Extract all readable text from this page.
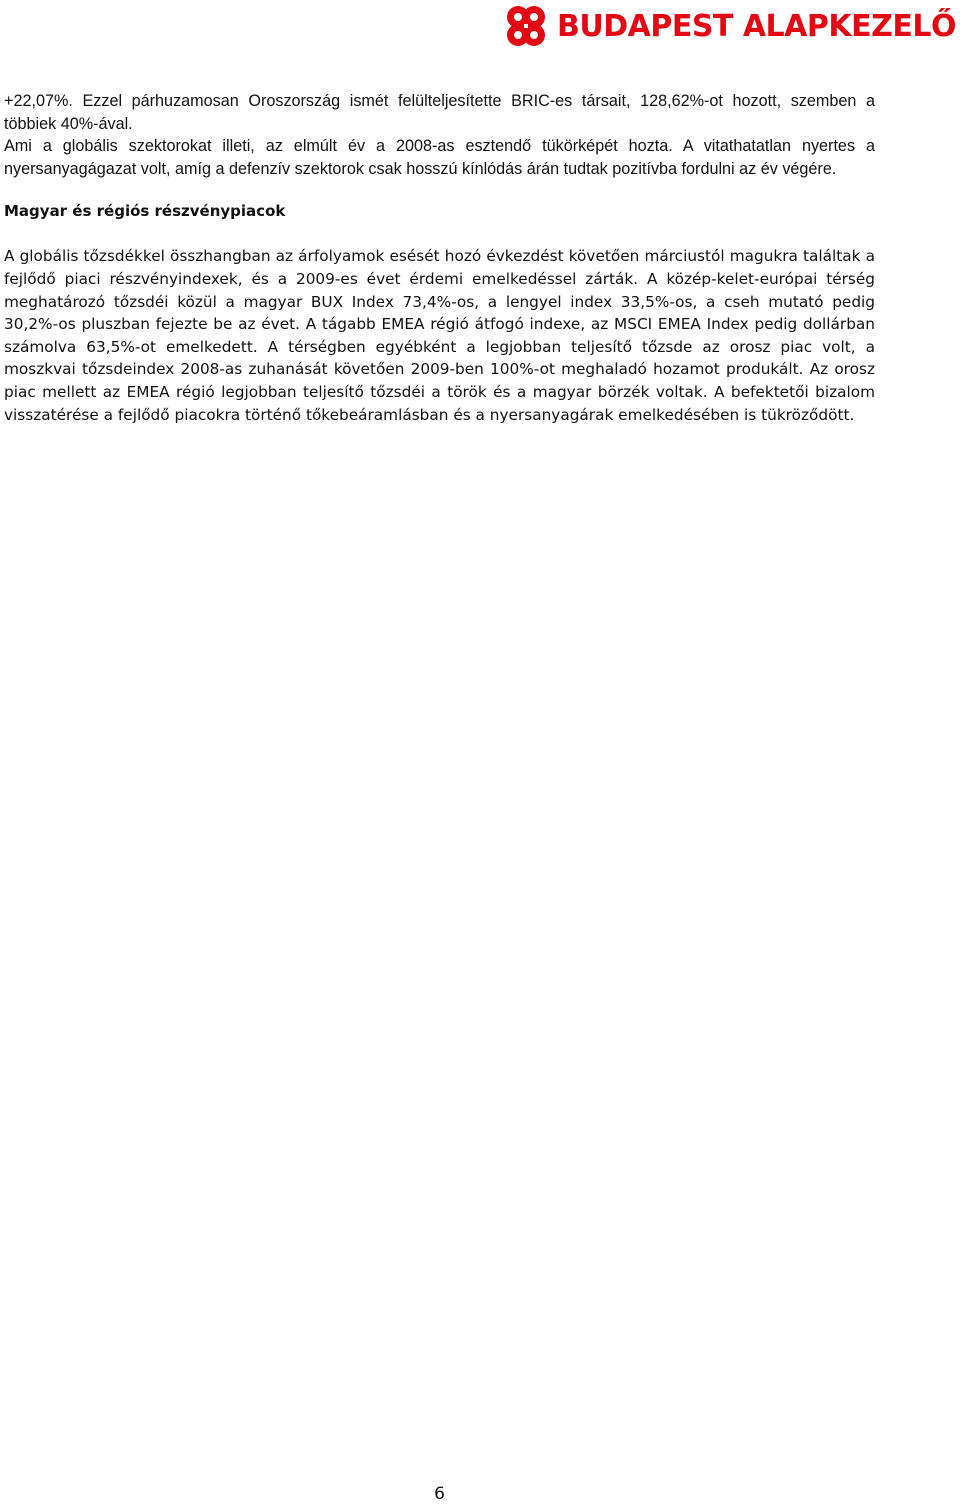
BUDAPEST ALAPKEZELŐ

+22,07%. Ezzel párhuzamosan Oroszország ismét felülteljesítette BRIC-es társait, 128,62%-ot hozott, szemben a többiek 40%-ával.

Ami a globális szektorokat illeti, az elmúlt év a 2008-as esztendő tükörképét hozta. A vitathatatlan nyertes a nyersanyagágazat volt, amíg a defenzív szektorok csak hosszú kínlódás árán tudtak pozitívba fordulni az év végére.

Magyar és régiós részvénypiacok

A globális tőzsdékkel összhangban az árfolyamok esését hozó évkezdést követően márciustól magukra találtak a fejlődő piaci részvényindexek, és a 2009-es évet érdemi emelkedéssel zárták. A közép-kelet-európai térség meghatározó tőzsdéi közül a magyar BUX Index 73,4%-os, a lengyel index 33,5%-os, a cseh mutató pedig 30,2%-os pluszban fejezte be az évet. A tágabb EMEA régió átfogó indexe, az MSCI EMEA Index pedig dollárban számolva 63,5%-ot emelkedett. A térségben egyébként a legjobban teljesítő tőzsde az orosz piac volt, a moszkvai tőzsdeindex 2008-as zuhanását követően 2009-ben 100%-ot meghaladó hozamot produkált. Az orosz piac mellett az EMEA régió legjobban teljesítő tőzsdéi a török és a magyar börzék voltak. A befektetői bizalom visszatérése a fejlődő piacokra történő tőkebeáramlásban és a nyersanyagárak emelkedésében is tükröződött.

6
